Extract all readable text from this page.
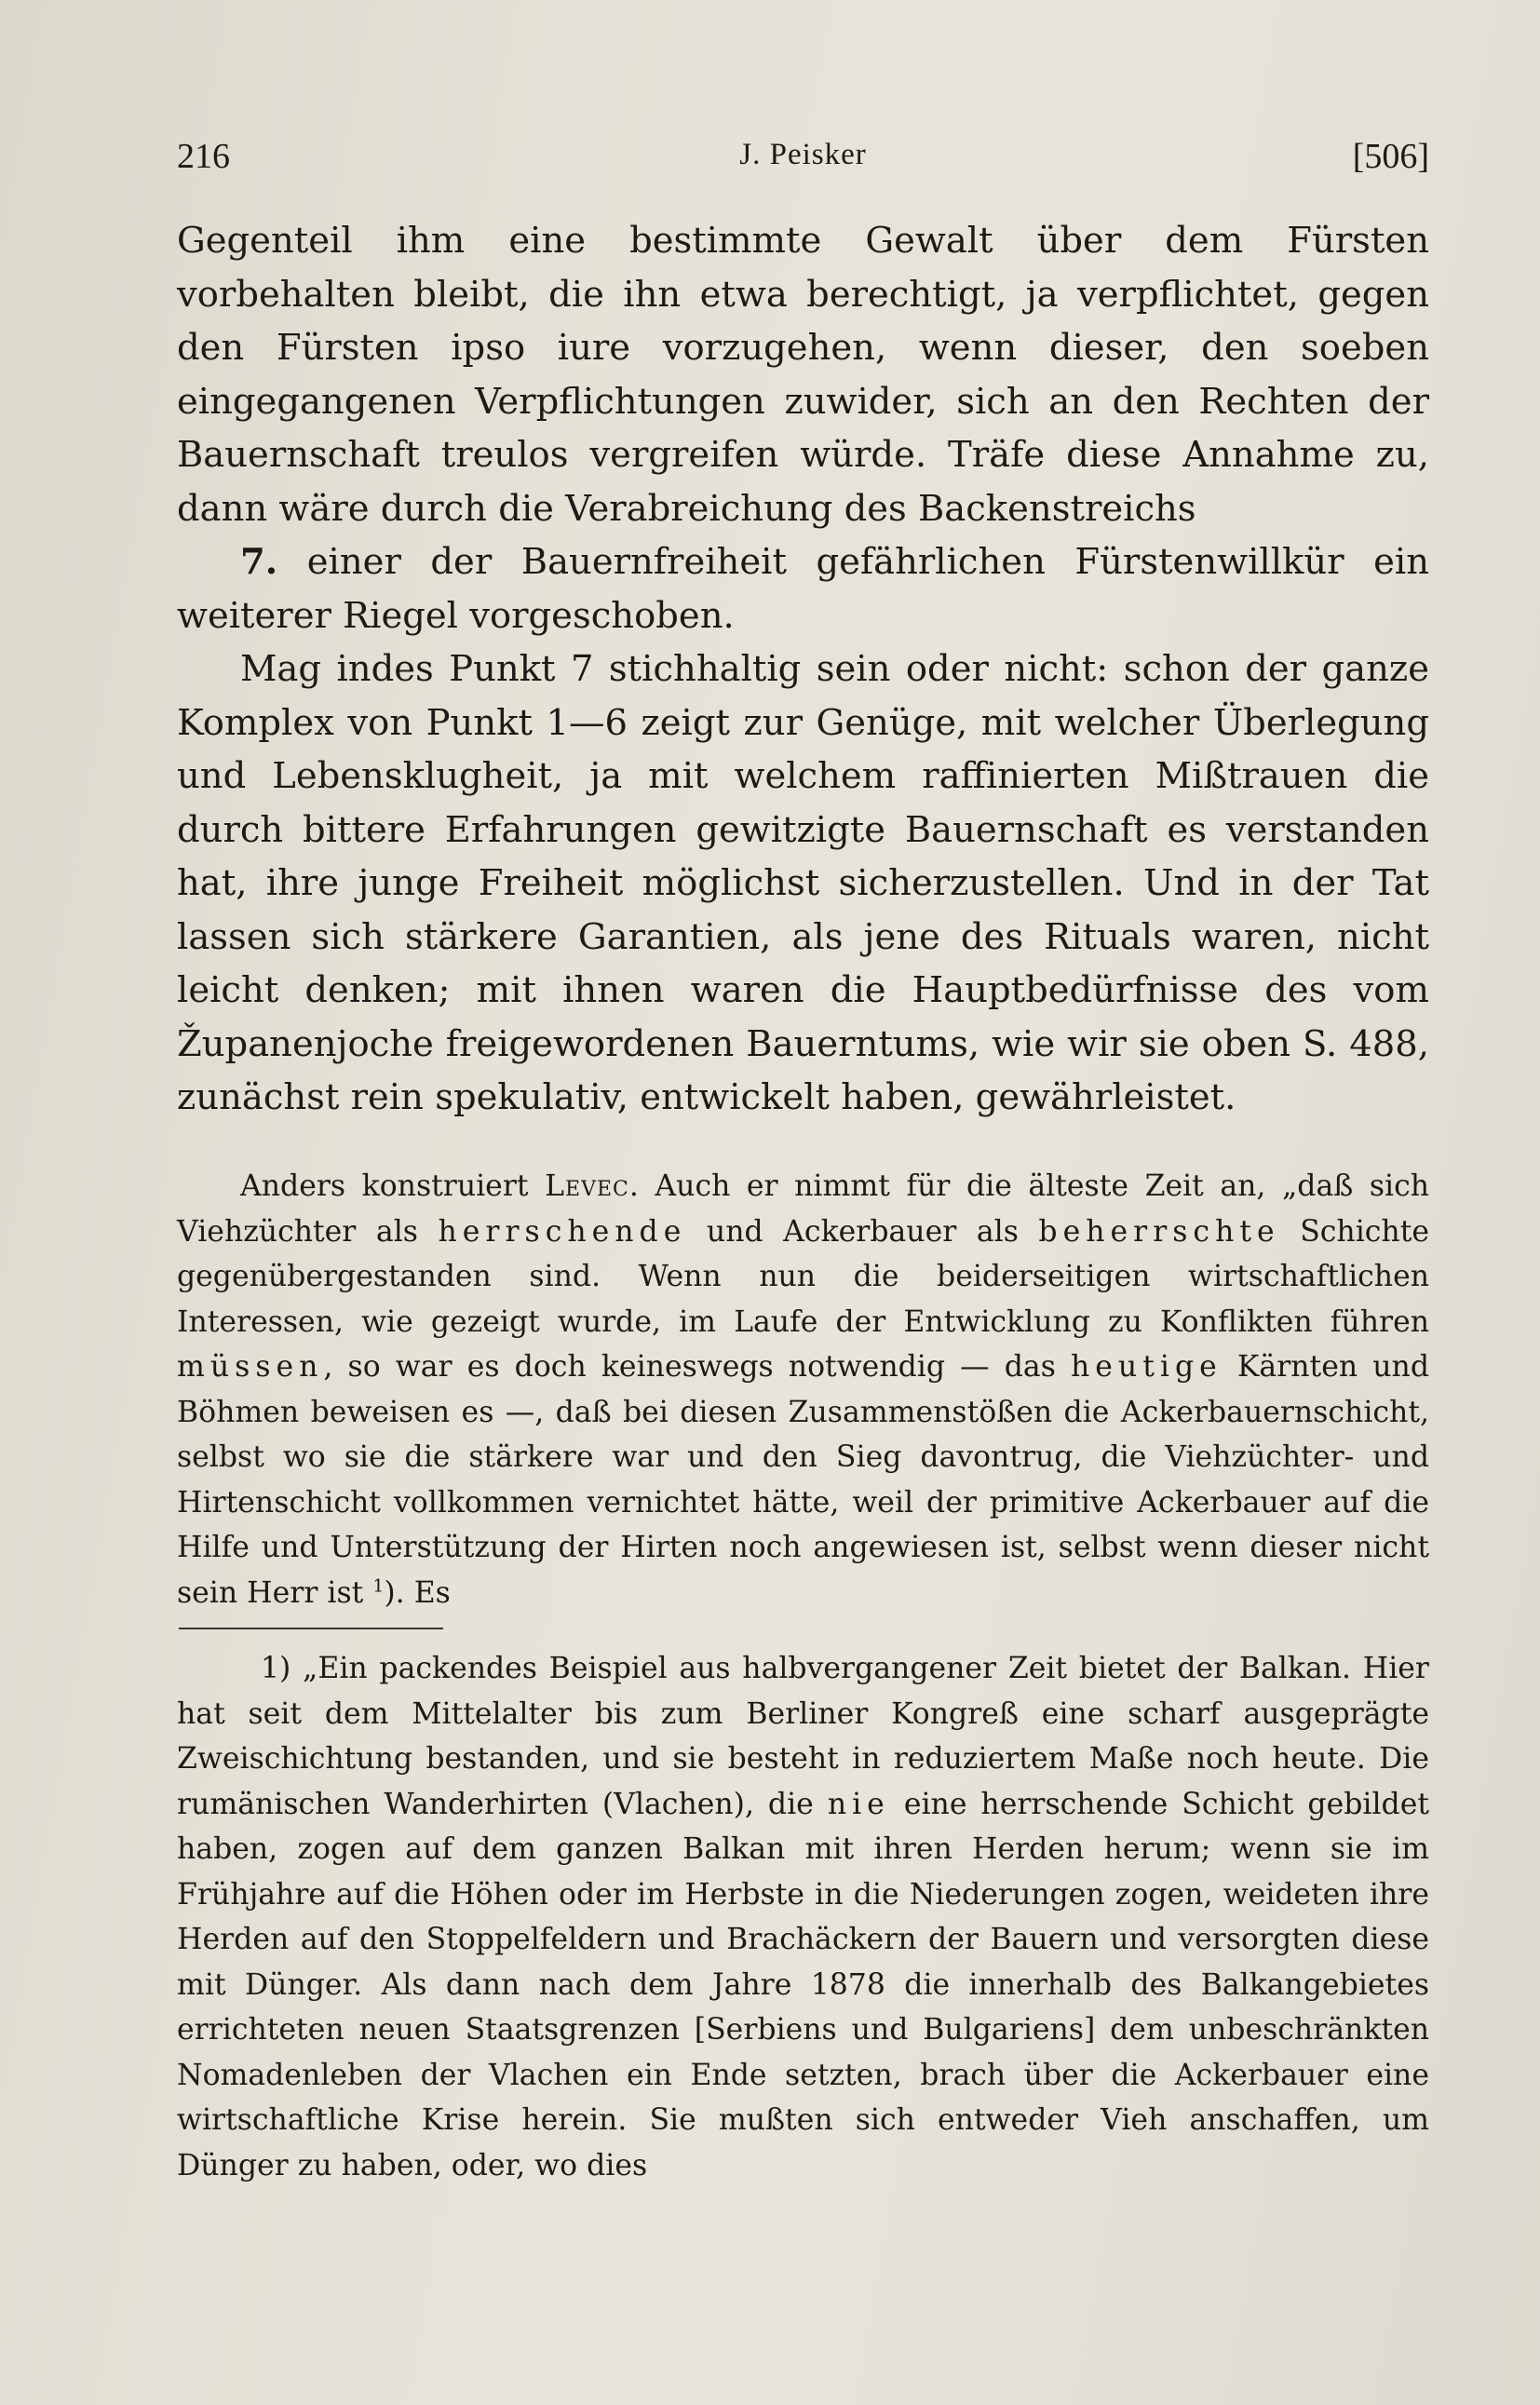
216	J. Peisker	[506]

Gegenteil ihm eine bestimmte Gewalt über dem Fürsten vorbehalten bleibt, die ihn etwa berechtigt, ja verpflichtet, gegen den Fürsten ipso iure vorzugehen, wenn dieser, den soeben eingegangenen Verpflichtungen zuwider, sich an den Rechten der Bauernschaft treulos vergreifen würde. Träfe diese Annahme zu, dann wäre durch die Verabreichung des Backenstreichs

7. einer der Bauernfreiheit gefährlichen Fürstenwillkür ein weiterer Riegel vorgeschoben.

Mag indes Punkt 7 stichhaltig sein oder nicht: schon der ganze Komplex von Punkt 1—6 zeigt zur Genüge, mit welcher Überlegung und Lebensklugheit, ja mit welchem raffinierten Mißtrauen die durch bittere Erfahrungen gewitzigte Bauernschaft es verstanden hat, ihre junge Freiheit möglichst sicherzustellen. Und in der Tat lassen sich stärkere Garantien, als jene des Rituals waren, nicht leicht denken; mit ihnen waren die Hauptbedürfnisse des vom Županenjoche freigewordenen Bauerntums, wie wir sie oben S. 488, zunächst rein spekulativ, entwickelt haben, gewährleistet.

Anders konstruiert Levec. Auch er nimmt für die älteste Zeit an, „daß sich Viehzüchter als herrschende und Ackerbauer als beherrschte Schichte gegenübergestanden sind. Wenn nun die beiderseitigen wirtschaftlichen Interessen, wie gezeigt wurde, im Laufe der Entwicklung zu Konflikten führen müssen, so war es doch keineswegs notwendig — das heutige Kärnten und Böhmen beweisen es —, daß bei diesen Zusammenstößen die Ackerbauernschicht, selbst wo sie die stärkere war und den Sieg davontrug, die Viehzüchter- und Hirtenschicht vollkommen vernichtet hätte, weil der primitive Ackerbauer auf die Hilfe und Unterstützung der Hirten noch angewiesen ist, selbst wenn dieser nicht sein Herr ist $^1$). Es

1) „Ein packendes Beispiel aus halbvergangener Zeit bietet der Balkan. Hier hat seit dem Mittelalter bis zum Berliner Kongreß eine scharf ausgeprägte Zweischichtung bestanden, und sie besteht in reduziertem Maße noch heute. Die rumänischen Wanderhirten (Vlachen), die nie eine herrschende Schicht gebildet haben, zogen auf dem ganzen Balkan mit ihren Herden herum; wenn sie im Frühjahre auf die Höhen oder im Herbste in die Niederungen zogen, weideten ihre Herden auf den Stoppelfeldern und Brachäckern der Bauern und versorgten diese mit Dünger. Als dann nach dem Jahre 1878 die innerhalb des Balkangebietes errichteten neuen Staatsgrenzen [Serbiens und Bulgariens] dem unbeschränkten Nomadenleben der Vlachen ein Ende setzten, brach über die Ackerbauer eine wirtschaftliche Krise herein. Sie mußten sich entweder Vieh anschaffen, um Dünger zu haben, oder, wo dies
